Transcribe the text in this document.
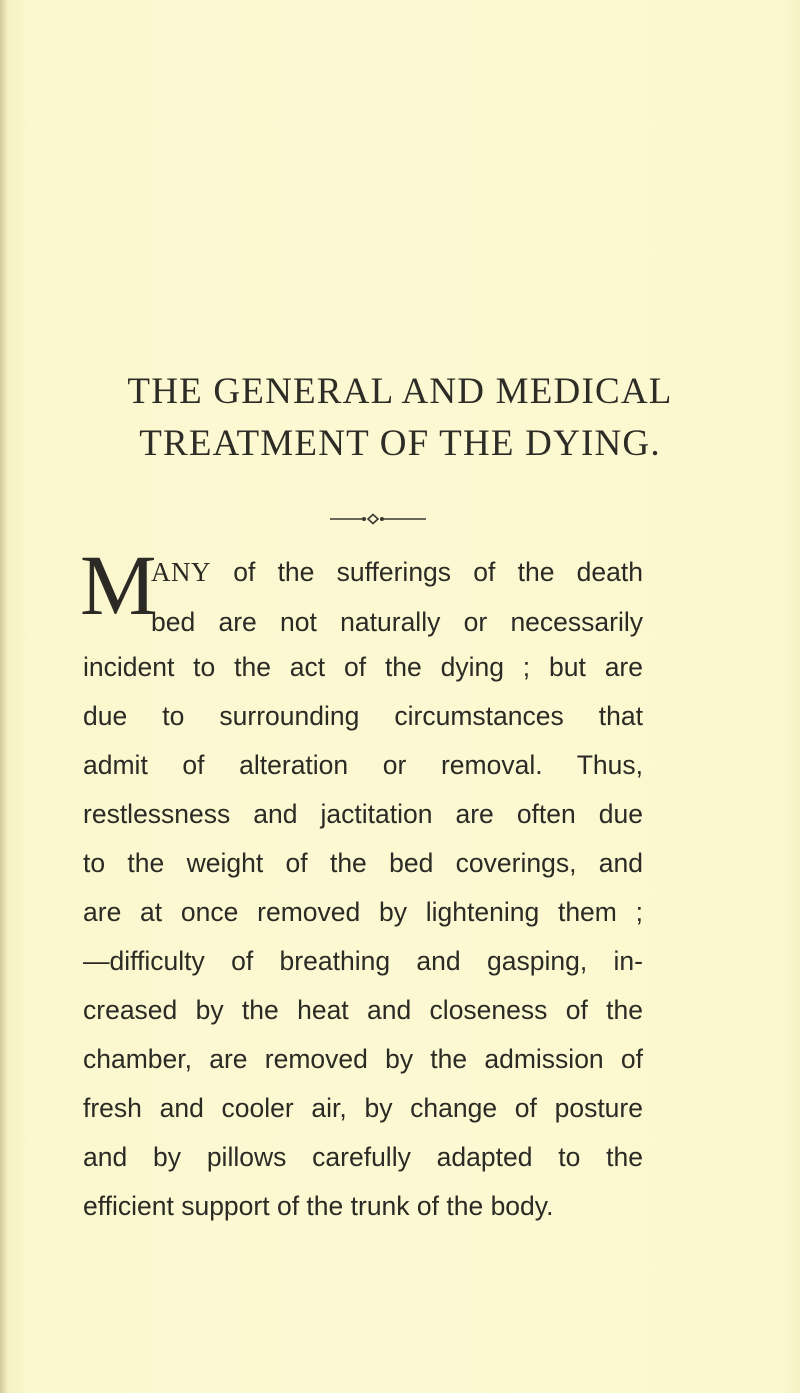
THE GENERAL AND MEDICAL
TREATMENT OF THE DYING.
M
ANY of the sufferings of the death
bed are not naturally or necessarily
incident to the act of the dying ; but are
due to surrounding circumstances that
admit of alteration or removal. Thus,
restlessness and jactitation are often due
to the weight of the bed coverings, and
are at once removed by lightening them ;
—difficulty of breathing and gasping, in-
creased by the heat and closeness of the
chamber, are removed by the admission of
fresh and cooler air, by change of posture
and by pillows carefully adapted to the
efficient support of the trunk of the body.
